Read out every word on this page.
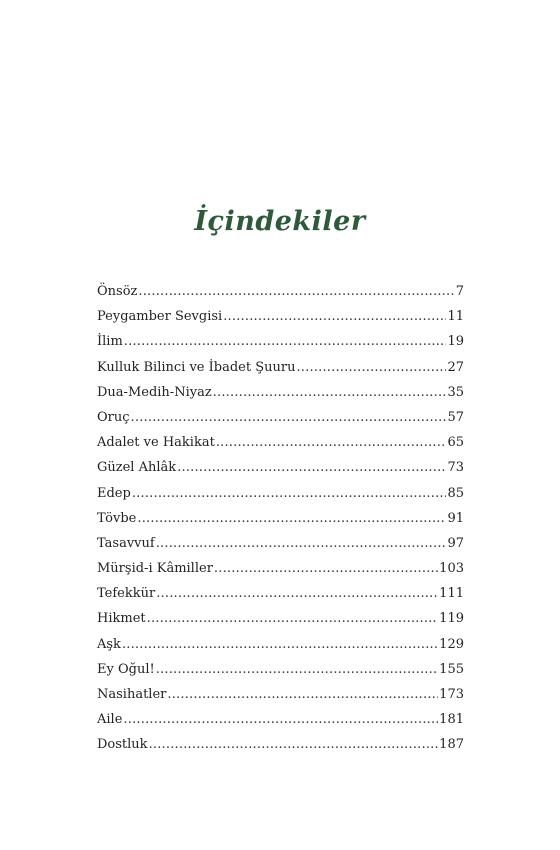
İçindekiler
Önsöz .....	7
Peygamber Sevgisi .....	11
İlim .....	19
Kulluk Bilinci ve İbadet Şuuru .....	27
Dua-Medih-Niyaz .....	35
Oruç .....	57
Adalet ve Hakikat .....	65
Güzel Ahlâk .....	73
Edep .....	85
Tövbe .....	91
Tasavvuf .....	97
Mürşid-i Kâmiller .....	103
Tefekkür .....	111
Hikmet .....	119
Aşk .....	129
Ey Oğul! .....	155
Nasihatler .....	173
Aile .....	181
Dostluk .....	187
